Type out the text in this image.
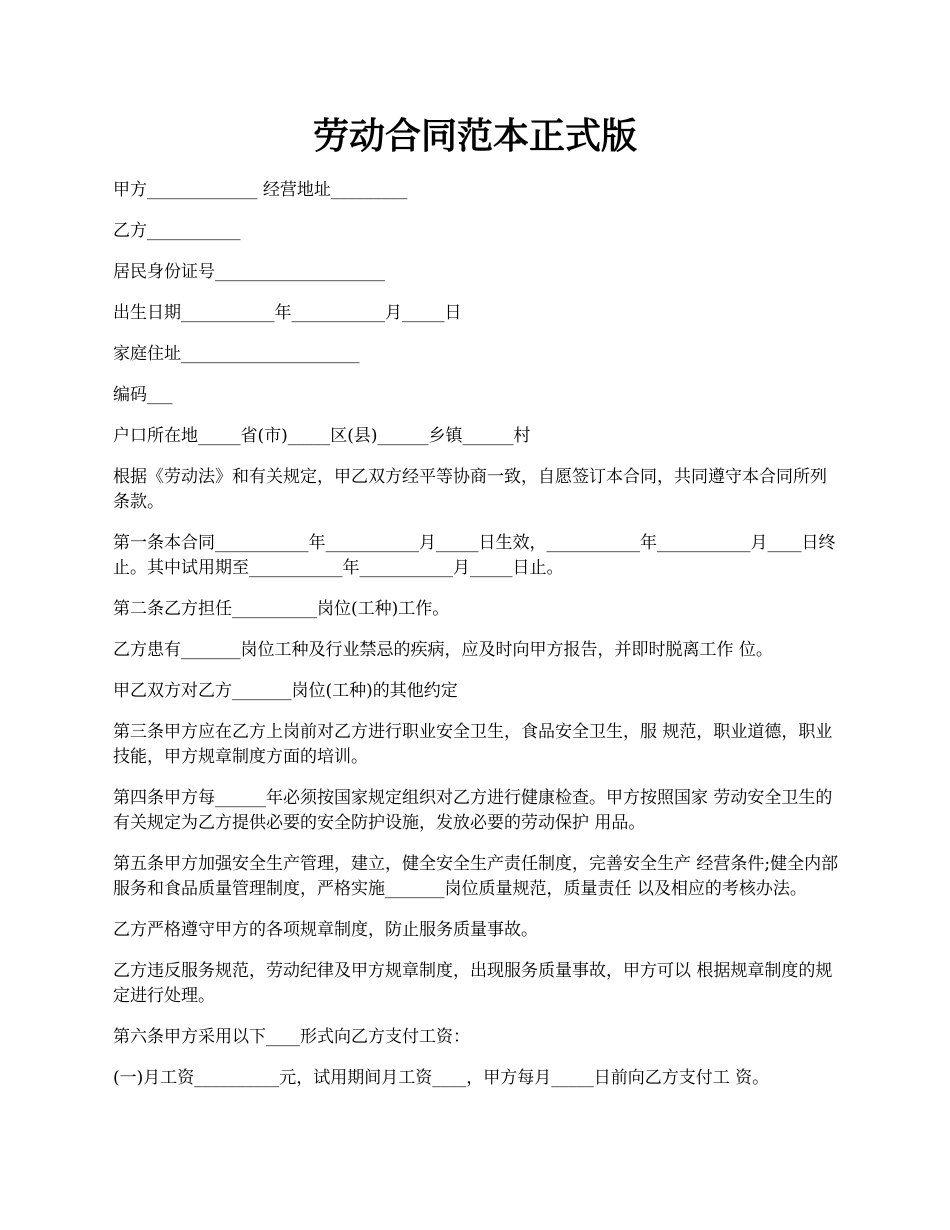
劳动合同范本正式版

甲方_____________ 经营地址_________

乙方___________

居民身份证号____________________

出生日期___________年___________月_____日

家庭住址_____________________

编码___

户口所在地_____省(市)_____区(县)______乡镇______村

根据《劳动法》和有关规定，甲乙双方经平等协商一致，自愿签订本合同，共同遵守本合同所列条款。

第一条本合同___________年___________月_____日生效，___________年___________月____日终止。其中试用期至___________年___________月_____日止。

第二条乙方担任__________岗位(工种)工作。

乙方患有_______岗位工种及行业禁忌的疾病，应及时向甲方报告，并即时脱离工作 位。

甲乙双方对乙方_______岗位(工种)的其他约定

第三条甲方应在乙方上岗前对乙方进行职业安全卫生，食品安全卫生，服 规范，职业道德，职业技能，甲方规章制度方面的培训。

第四条甲方每______年必须按国家规定组织对乙方进行健康检查。甲方按照国家 劳动安全卫生的有关规定为乙方提供必要的安全防护设施，发放必要的劳动保护 用品。

第五条甲方加强安全生产管理，建立，健全安全生产责任制度，完善安全生产 经营条件;健全内部服务和食品质量管理制度，严格实施_______岗位质量规范，质量责任 以及相应的考核办法。

乙方严格遵守甲方的各项规章制度，防止服务质量事故。

乙方违反服务规范，劳动纪律及甲方规章制度，出现服务质量事故，甲方可以 根据规章制度的规定进行处理。

第六条甲方采用以下____形式向乙方支付工资：

(一)月工资__________元，试用期间月工资____，甲方每月_____日前向乙方支付工 资。
